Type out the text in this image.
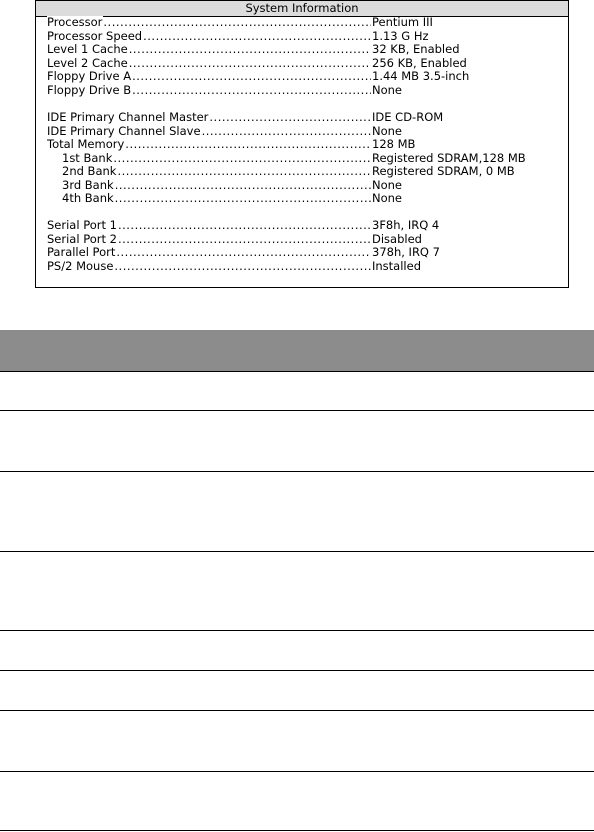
System Information
Processor .....	Pentium III
Processor Speed .....	1.13 G Hz
Level 1 Cache .....	32 KB, Enabled
Level 2 Cache .....	256 KB, Enabled
Floppy Drive A .....	1.44 MB 3.5-inch
Floppy Drive B .....	None
IDE Primary Channel Master .....	IDE CD-ROM
IDE Primary Channel Slave .....	None
Total Memory .....	128 MB
1st Bank .....	Registered SDRAM,128 MB
2nd Bank .....	Registered SDRAM, 0 MB
3rd Bank .....	None
4th Bank .....	None
Serial Port 1 .....	3F8h, IRQ 4
Serial Port 2 .....	Disabled
Parallel Port .....	378h, IRQ 7
PS/2 Mouse .....	Installed
